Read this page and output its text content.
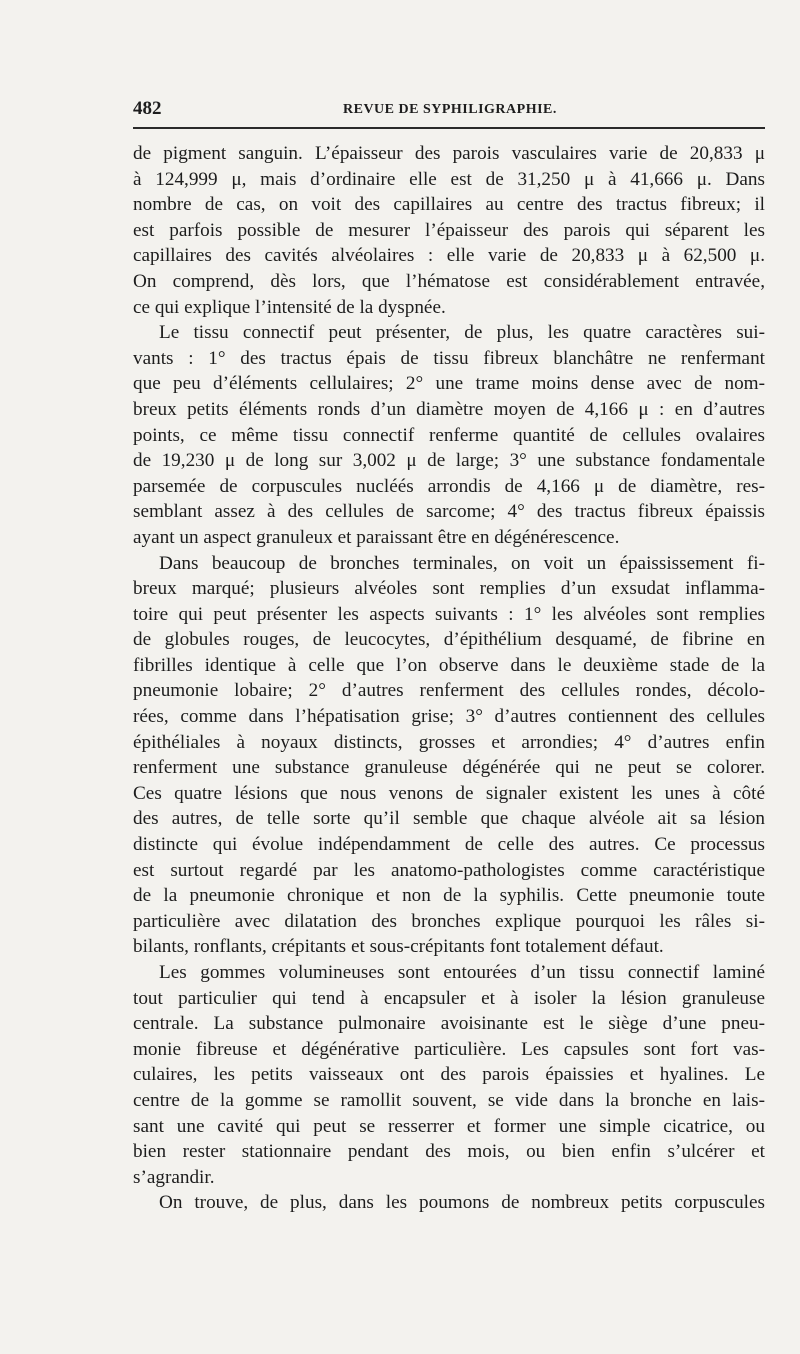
482	REVUE DE SYPHILIGRAPHIE.
de pigment sanguin. L’épaisseur des parois vasculaires varie de 20,833 μ
à 124,999 μ, mais d’ordinaire elle est de 31,250 μ à 41,666 μ. Dans
nombre de cas, on voit des capillaires au centre des tractus fibreux; il
est parfois possible de mesurer l’épaisseur des parois qui séparent les
capillaires des cavités alvéolaires : elle varie de 20,833 μ à 62,500 μ.
On comprend, dès lors, que l’hématose est considérablement entravée,
ce qui explique l’intensité de la dyspnée.
Le tissu connectif peut présenter, de plus, les quatre caractères sui-
vants : 1° des tractus épais de tissu fibreux blanchâtre ne renfermant
que peu d’éléments cellulaires; 2° une trame moins dense avec de nom-
breux petits éléments ronds d’un diamètre moyen de 4,166 μ : en d’autres
points, ce même tissu connectif renferme quantité de cellules ovalaires
de 19,230 μ de long sur 3,002 μ de large; 3° une substance fondamentale
parsemée de corpuscules nucléés arrondis de 4,166 μ de diamètre, res-
semblant assez à des cellules de sarcome; 4° des tractus fibreux épaissis
ayant un aspect granuleux et paraissant être en dégénérescence.
Dans beaucoup de bronches terminales, on voit un épaississement fi-
breux marqué; plusieurs alvéoles sont remplies d’un exsudat inflamma-
toire qui peut présenter les aspects suivants : 1° les alvéoles sont remplies
de globules rouges, de leucocytes, d’épithélium desquamé, de fibrine en
fibrilles identique à celle que l’on observe dans le deuxième stade de la
pneumonie lobaire; 2° d’autres renferment des cellules rondes, décolo-
rées, comme dans l’hépatisation grise; 3° d’autres contiennent des cellules
épithéliales à noyaux distincts, grosses et arrondies; 4° d’autres enfin
renferment une substance granuleuse dégénérée qui ne peut se colorer.
Ces quatre lésions que nous venons de signaler existent les unes à côté
des autres, de telle sorte qu’il semble que chaque alvéole ait sa lésion
distincte qui évolue indépendamment de celle des autres. Ce processus
est surtout regardé par les anatomo-pathologistes comme caractéristique
de la pneumonie chronique et non de la syphilis. Cette pneumonie toute
particulière avec dilatation des bronches explique pourquoi les râles si-
bilants, ronflants, crépitants et sous-crépitants font totalement défaut.
Les gommes volumineuses sont entourées d’un tissu connectif laminé
tout particulier qui tend à encapsuler et à isoler la lésion granuleuse
centrale. La substance pulmonaire avoisinante est le siège d’une pneu-
monie fibreuse et dégénérative particulière. Les capsules sont fort vas-
culaires, les petits vaisseaux ont des parois épaissies et hyalines. Le
centre de la gomme se ramollit souvent, se vide dans la bronche en lais-
sant une cavité qui peut se resserrer et former une simple cicatrice, ou
bien rester stationnaire pendant des mois, ou bien enfin s’ulcérer et
s’agrandir.
On trouve, de plus, dans les poumons de nombreux petits corpuscules
